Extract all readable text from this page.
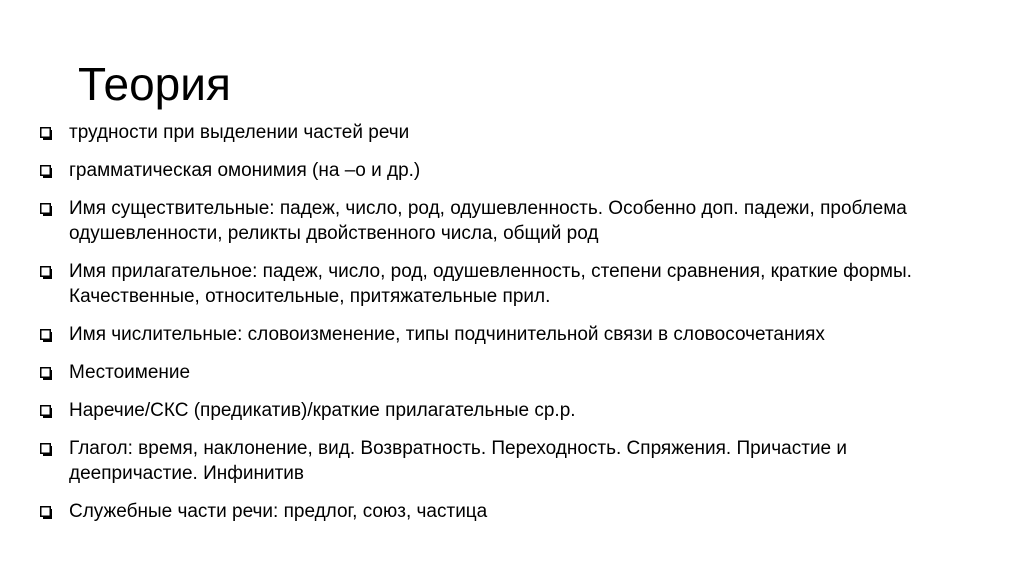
Теория
трудности при выделении частей речи
грамматическая омонимия (на –о и др.)
Имя существительные: падеж, число, род, одушевленность. Особенно доп. падежи, проблема одушевленности, реликты двойственного числа, общий род
Имя прилагательное: падеж, число, род, одушевленность, степени сравнения, краткие формы. Качественные, относительные, притяжательные прил.
Имя числительные: словоизменение, типы подчинительной связи в словосочетаниях
Местоимение
Наречие/СКС (предикатив)/краткие прилагательные ср.р.
Глагол: время, наклонение, вид. Возвратность. Переходность. Спряжения. Причастие и деепричастие. Инфинитив
Служебные части речи: предлог, союз, частица
